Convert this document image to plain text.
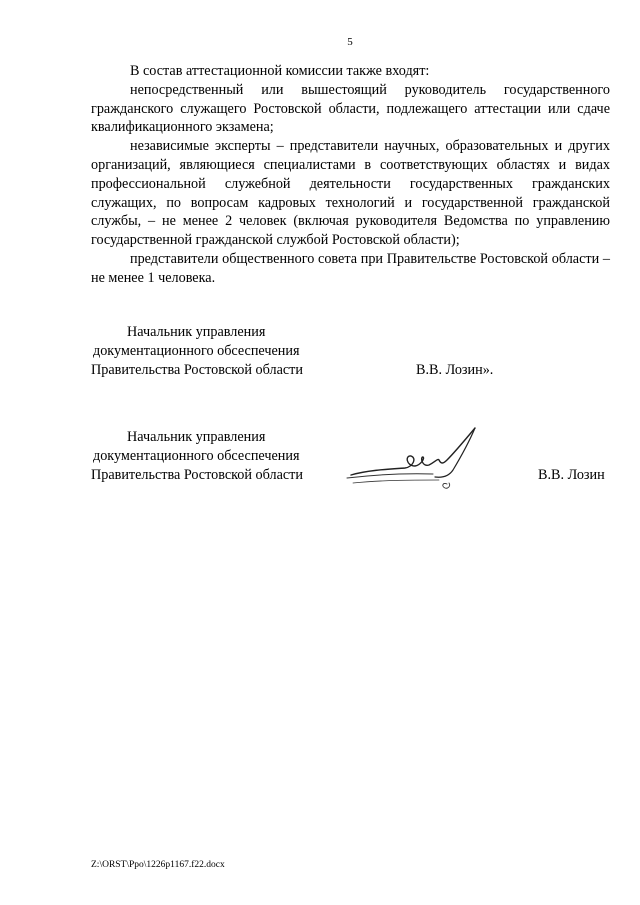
5

В состав аттестационной комиссии также входят:

непосредственный или вышестоящий руководитель государственного гражданского служащего Ростовской области, подлежащего аттестации или сдаче квалификационного экзамена;

независимые эксперты – представители научных, образовательных и других организаций, являющиеся специалистами в соответствующих областях и видах профессиональной служебной деятельности государственных гражданских служащих, по вопросам кадровых технологий и государственной гражданской службы, – не менее 2 человек (включая руководителя Ведомства по управлению государственной гражданской службой Ростовской области);

представители общественного совета при Правительстве Ростовской области – не менее 1 человека.

Начальник управления
документационного обсеспечения
Правительства Ростовской области	В.В. Лозин».
Начальник управления
документационного обсеспечения
Правительства Ростовской области	В.В. Лозин
Z:\ORST\Ppo\1226p1167.f22.docx
